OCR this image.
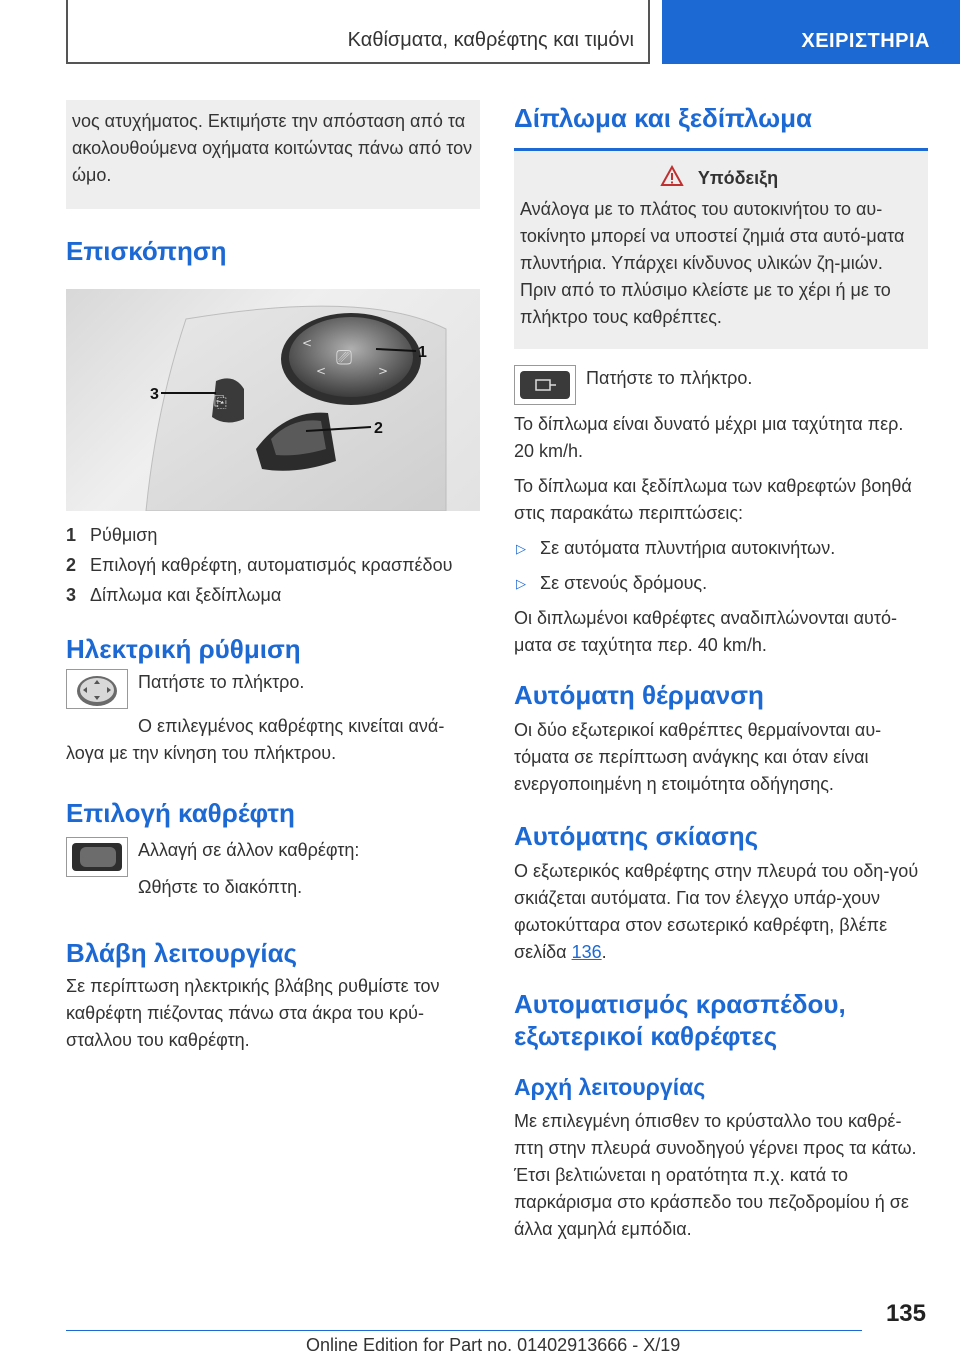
Καθίσματα, καθρέφτης και τιμόνι	ΧΕΙΡΙΣΤΗΡΙΑ
νος ατυχήματος. Εκτιμήστε την απόσταση από τα ακολουθούμενα οχήματα κοιτώντας πάνω από τον ώμο.
Επισκόπηση
⎚
<
<	>
⎘
1
2
3
1 Ρύθμιση
2 Επιλογή καθρέφτη, αυτοματισμός κρασπέδου
3 Δίπλωμα και ξεδίπλωμα
Ηλεκτρική ρύθμιση

Πατήστε το πλήκτρο.

Ο επιλεγμένος καθρέφτης κινείται ανά-λογα με την κίνηση του πλήκτρου.

Επιλογή καθρέφτη

Αλλαγή σε άλλον καθρέφτη:

Ωθήστε το διακόπτη.

Βλάβη λειτουργίας

Σε περίπτωση ηλεκτρικής βλάβης ρυθμίστε τον καθρέφτη πιέζοντας πάνω στα άκρα του κρύ-σταλλου του καθρέφτη.

Δίπλωμα και ξεδίπλωμα
Υπόδειξη

Ανάλογα με το πλάτος του αυτοκινήτου το αυ-τοκίνητο μπορεί να υποστεί ζημιά στα αυτό-ματα πλυντήρια. Υπάρχει κίνδυνος υλικών ζη-μιών. Πριν από το πλύσιμο κλείστε με το χέρι ή με το πλήκτρο τους καθρέπτες.

Πατήστε το πλήκτρο.

Το δίπλωμα είναι δυνατό μέχρι μια ταχύτητα περ. 20 km/h.

Το δίπλωμα και ξεδίπλωμα των καθρεφτών βοηθά στις παρακάτω περιπτώσεις:

▷ Σε αυτόματα πλυντήρια αυτοκινήτων.
▷ Σε στενούς δρόμους.

Οι διπλωμένοι καθρέφτες αναδιπλώνονται αυτό-ματα σε ταχύτητα περ. 40 km/h.

Αυτόματη θέρμανση

Οι δύο εξωτερικοί καθρέπτες θερμαίνονται αυ-τόματα σε περίπτωση ανάγκης και όταν είναι ενεργοποιημένη η ετοιμότητα οδήγησης.

Αυτόματης σκίασης

Ο εξωτερικός καθρέφτης στην πλευρά του οδη-γού σκιάζεται αυτόματα. Για τον έλεγχο υπάρ-χουν φωτοκύτταρα στον εσωτερικό καθρέφτη, βλέπε σελίδα 136.

Αυτοματισμός κρασπέδου,
εξωτερικοί καθρέφτες
Αρχή λειτουργίας

Με επιλεγμένη όπισθεν το κρύσταλλο του καθρέ-πτη στην πλευρά συνοδηγού γέρνει προς τα κάτω. Έτσι βελτιώνεται η ορατότητα π.χ. κατά το παρκάρισμα στο κράσπεδο του πεζοδρομίου ή σε άλλα χαμηλά εμπόδια.

135
Online Edition for Part no. 01402913666 - X/19
